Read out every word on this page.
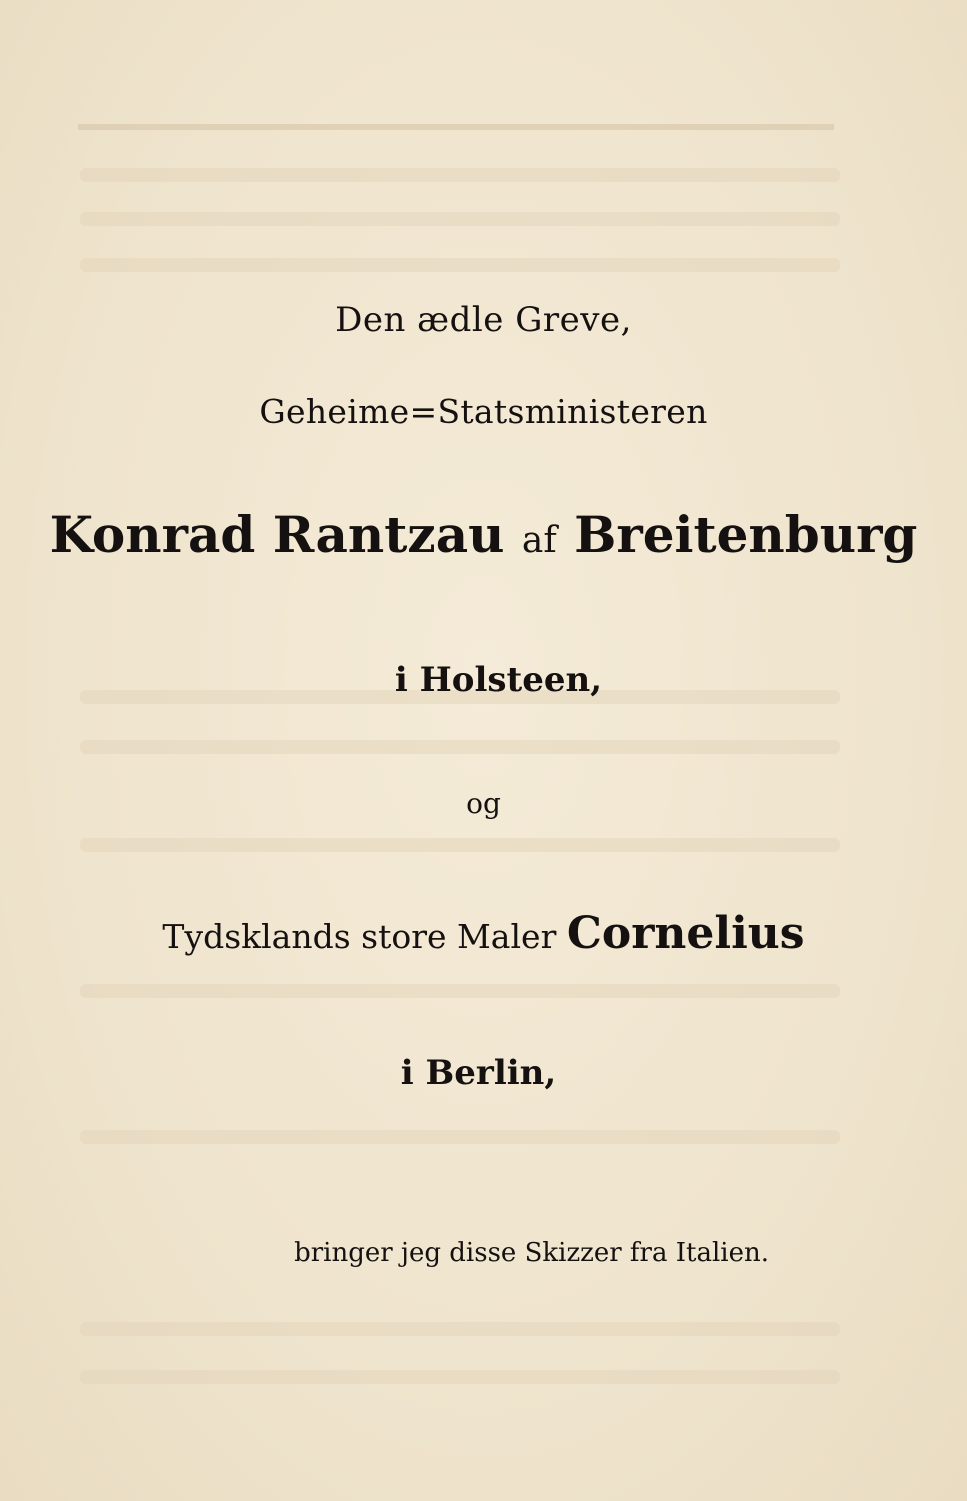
Den ædle Greve,
Geheime=Statsministeren
Konrad Rantzau af Breitenburg
i Holsteen,
og
Tydsklands store Maler Cornelius
i Berlin,
bringer jeg disse Skizzer fra Italien.
